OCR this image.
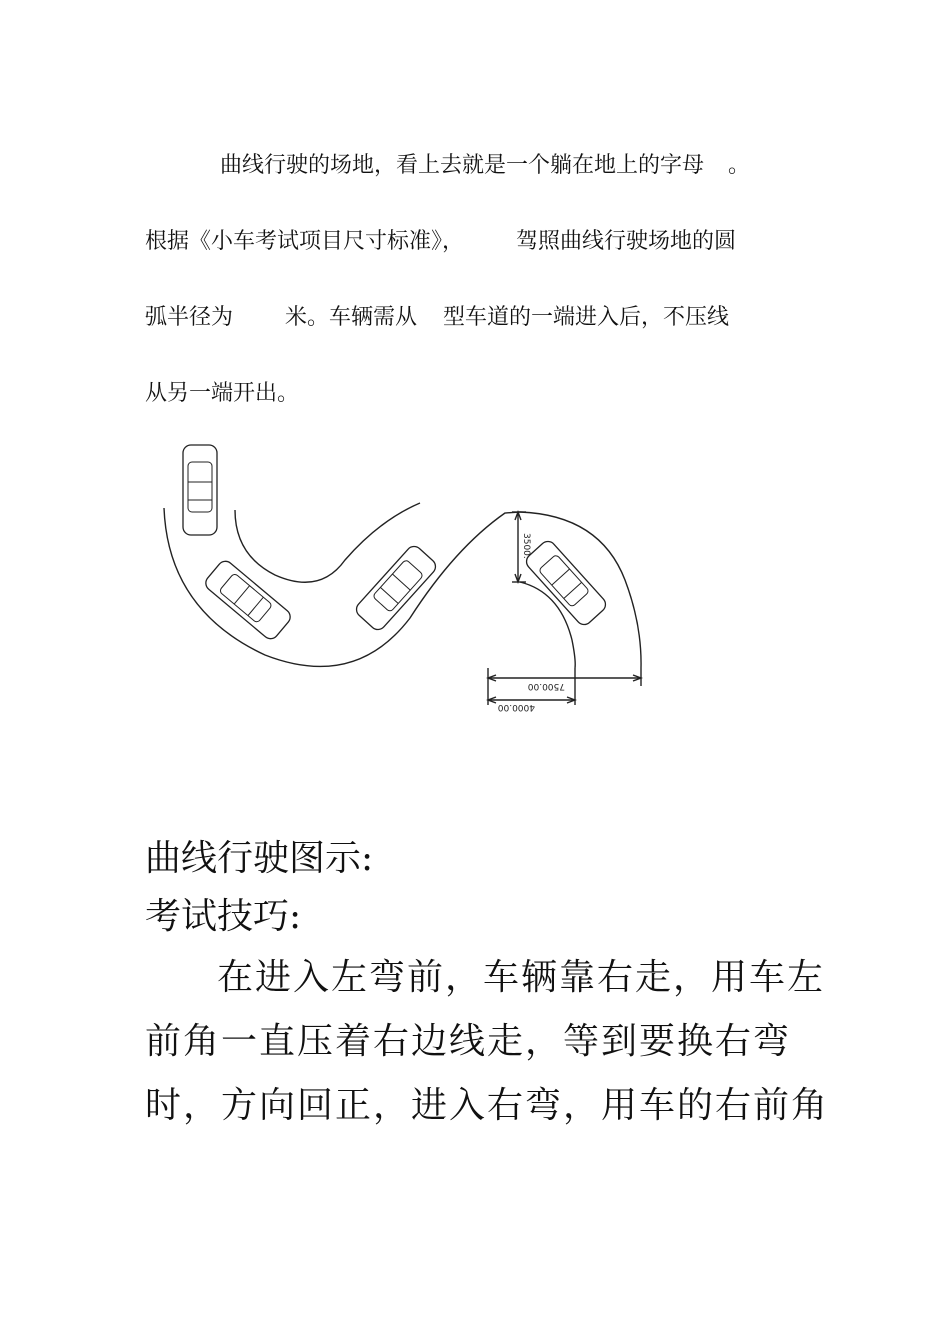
曲线行驶的场地，看上去就是一个躺在地上的字母 。
根据《小车考试项目尺寸标准》， 驾照曲线行驶场地的圆
弧半径为 米。车辆需从 型车道的一端进入后，不压线
从另一端开出。
3500.
7500.00
4000.00
曲线行驶图示:
考试技巧:
在进入左弯前，车辆靠右走，用车左
前角一直压着右边线走，等到要换右弯
时，方向回正，进入右弯，用车的右前角
